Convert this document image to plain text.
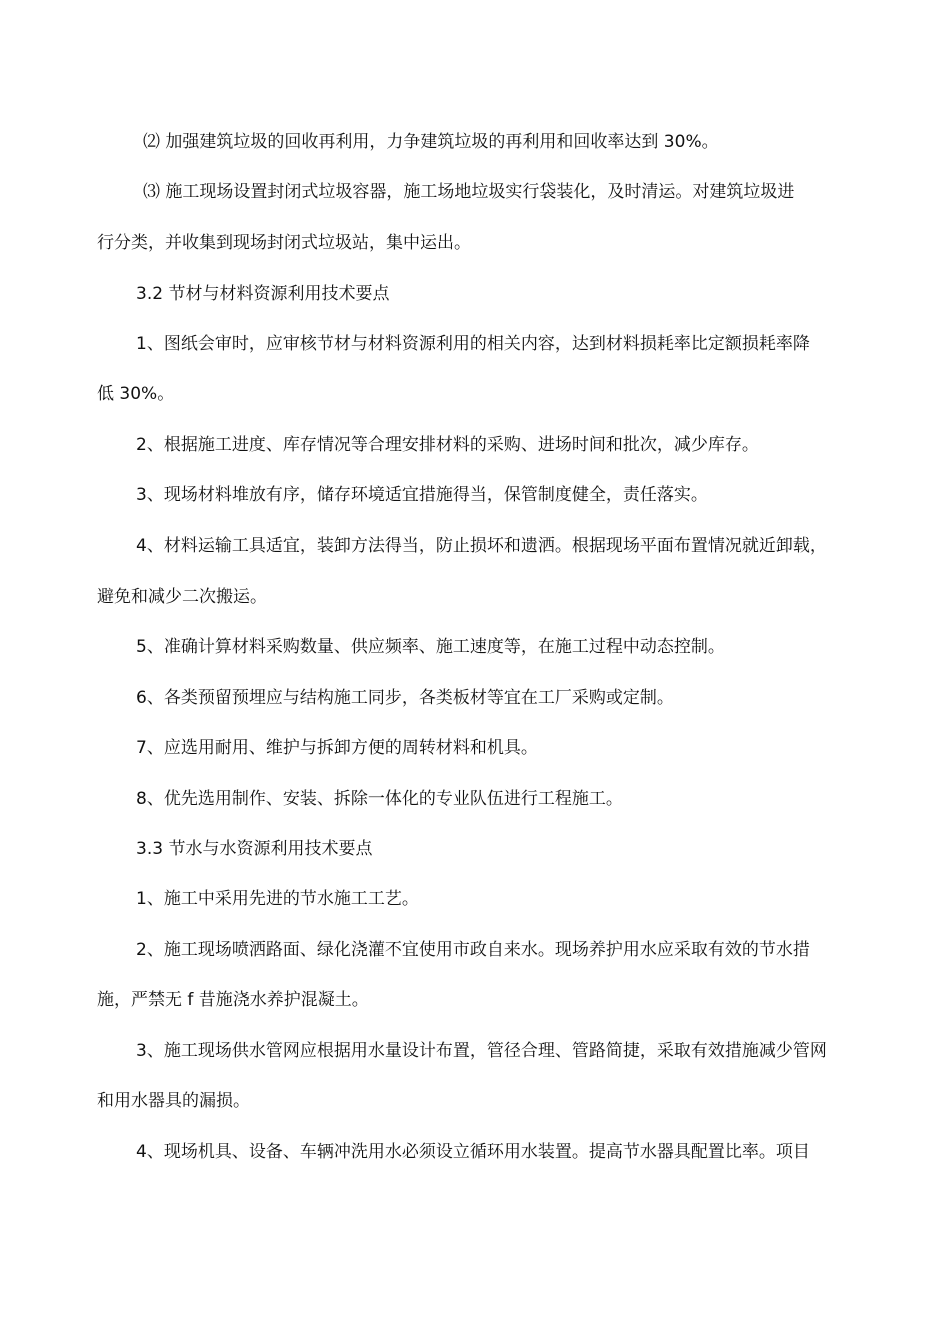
⑵ 加强建筑垃圾的回收再利用，力争建筑垃圾的再利用和回收率达到 30%。

⑶ 施工现场设置封闭式垃圾容器，施工场地垃圾实行袋装化，及时清运。对建筑垃圾进

行分类，并收集到现场封闭式垃圾站，集中运出。

3.2 节材与材料资源利用技术要点

1、图纸会审时，应审核节材与材料资源利用的相关内容，达到材料损耗率比定额损耗率降

低 30%。

2、根据施工进度、库存情况等合理安排材料的采购、进场时间和批次，减少库存。

3、现场材料堆放有序，储存环境适宜措施得当，保管制度健全，责任落实。

4、材料运输工具适宜，装卸方法得当，防止损坏和遗洒。根据现场平面布置情况就近卸载，

避免和减少二次搬运。

5、准确计算材料采购数量、供应频率、施工速度等，在施工过程中动态控制。

6、各类预留预埋应与结构施工同步，各类板材等宜在工厂采购或定制。

7、应选用耐用、维护与拆卸方便的周转材料和机具。

8、优先选用制作、安装、拆除一体化的专业队伍进行工程施工。

3.3 节水与水资源利用技术要点

1、施工中采用先进的节水施工工艺。

2、施工现场喷洒路面、绿化浇灌不宜使用市政自来水。现场养护用水应采取有效的节水措

施，严禁无 f 昔施浇水养护混凝土。

3、施工现场供水管网应根据用水量设计布置，管径合理、管路简捷，采取有效措施减少管网

和用水器具的漏损。

4、现场机具、设备、车辆冲洗用水必须设立循环用水装置。提高节水器具配置比率。项目
